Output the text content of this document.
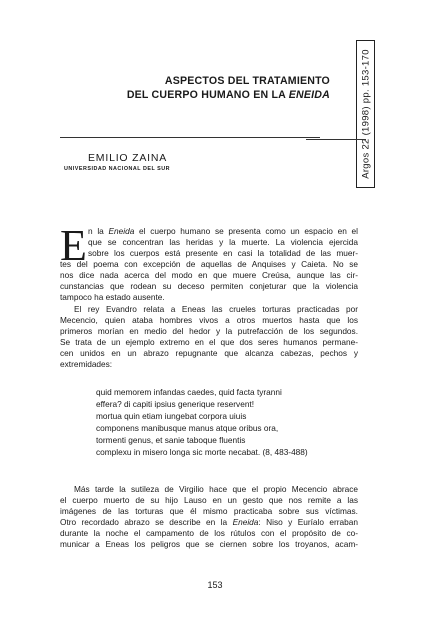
ASPECTOS DEL TRATAMIENTO
DEL CUERPO HUMANO EN LA ENEIDA	Argos 22 (1998) pp. 153-170
EMILIO ZAINA
UNIVERSIDAD NACIONAL DEL SUR
E n la Eneida el cuerpo humano se presenta como un espacio en el
que se concentran las heridas y la muerte. La violencia ejercida
sobre los cuerpos está presente en casi la totalidad de las muer-
tes del poema con excepción de aquellas de Anquises y Caieta. No se
nos dice nada acerca del modo en que muere Creúsa, aunque las cir-
cunstancias que rodean su deceso permiten conjeturar que la violencia
tampoco ha estado ausente.
El rey Evandro relata a Eneas las crueles torturas practicadas por
Mecencio, quien ataba hombres vivos a otros muertos hasta que los
primeros morían en medio del hedor y la putrefacción de los segundos.
Se trata de un ejemplo extremo en el que dos seres humanos permane-
cen unidos en un abrazo repugnante que alcanza cabezas, pechos y
extremidades:
quid memorem infandas caedes, quid facta tyranni
effera? di capiti ipsius generique reservent!
mortua quin etiam iungebat corpora uiuis
componens manibusque manus atque oribus ora,
tormenti genus, et sanie taboque fluentis
complexu in misero longa sic morte necabat. (8, 483-488)
Más tarde la sutileza de Virgilio hace que el propio Mecencio abrace
el cuerpo muerto de su hijo Lauso en un gesto que nos remite a las
imágenes de las torturas que él mismo practicaba sobre sus víctimas.
Otro recordado abrazo se describe en la Eneida: Niso y Euríalo erraban
durante la noche el campamento de los rútulos con el propósito de co-
municar a Eneas los peligros que se ciernen sobre los troyanos, acam-
153
